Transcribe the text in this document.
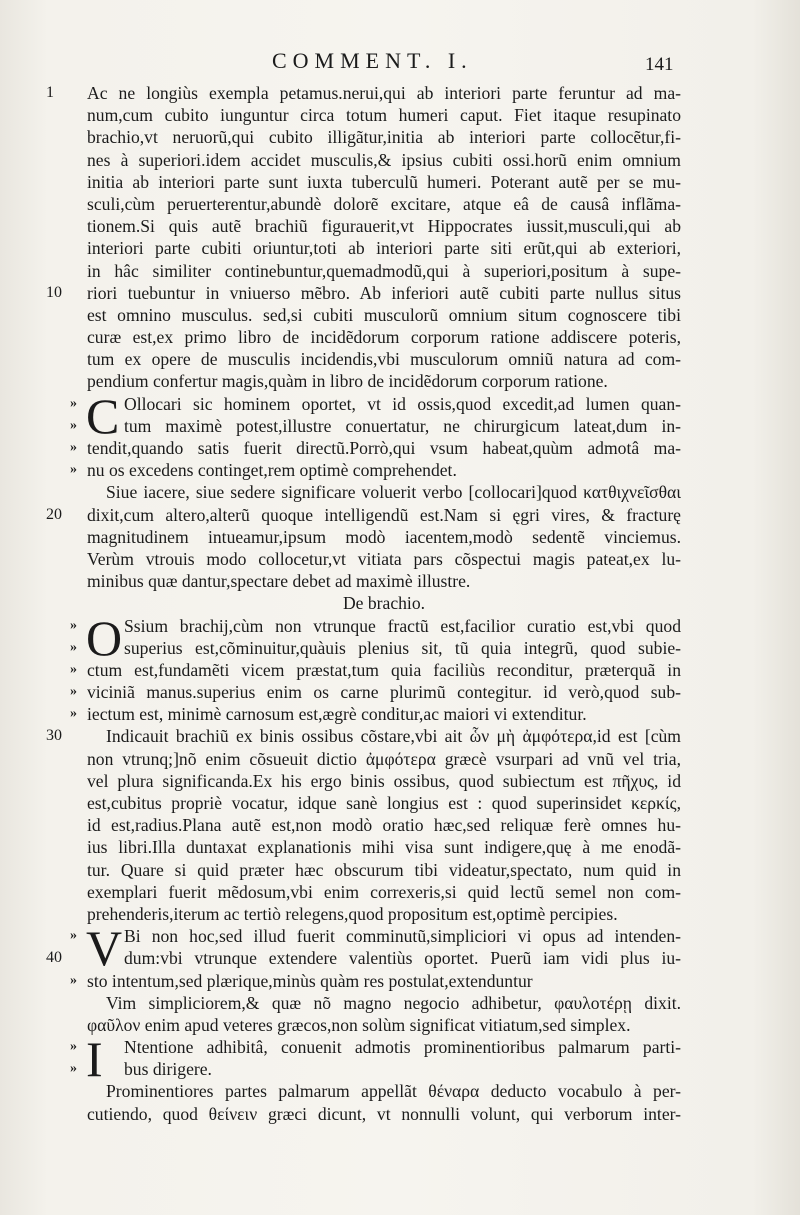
COMMENT. I.	141
1 Ac ne longiùs exempla petamus.nerui,qui ab interiori parte feruntur ad ma-
num,cum cubito iunguntur circa totum humeri caput. Fiet itaque resupinato
brachio,vt neruorũ,qui cubito illigãtur,initia ab interiori parte collocẽtur,fi-
nes à superiori.idem accidet musculis,& ipsius cubiti ossi.horũ enim omnium
initia ab interiori parte sunt iuxta tuberculũ humeri. Poterant autẽ per se mu-
sculi,cùm peruerterentur,abundè dolorẽ excitare, atque eâ de causâ inflãma-
tionem.Si quis autẽ brachiũ figurauerit,vt Hippocrates iussit,musculi,qui ab
interiori parte cubiti oriuntur,toti ab interiori parte siti erũt,qui ab exteriori,
in hâc similiter continebuntur,quemadmodũ,qui à superiori,positum à supe-
10 riori tuebuntur in vniuerso mẽbro. Ab inferiori autẽ cubiti parte nullus situs
est omnino musculus. sed,si cubiti musculorũ omnium situm cognoscere tibi
curæ est,ex primo libro de incidẽdorum corporum ratione addiscere poteris,
tum ex opere de musculis incidendis,vbi musculorum omniũ natura ad com-
pendium confertur magis,quàm in libro de incidẽdorum corporum ratione.
» C Ollocari sic hominem oportet, vt id ossis,quod excedit,ad lumen quan-
»	tum maximè potest,illustre conuertatur, ne chirurgicum lateat,dum in-
» tendit,quando satis fuerit directũ.Porrò,qui vsum habeat,quùm admotâ ma-
» nu os excedens continget,rem optimè comprehendet.
Siue iacere, siue sedere significare voluerit verbo [collocari]quod κατθιχνεῖσθαι
20 dixit,cum altero,alterũ quoque intelligendũ est.Nam si ęgri vires, & fracturę
magnitudinem intueamur,ipsum modò iacentem,modò sedentẽ vinciemus.
Verùm vtrouis modo collocetur,vt vitiata pars cõspectui magis pateat,ex lu-
minibus quæ dantur,spectare debet ad maximè illustre.
De brachio.
» O Ssium brachij,cùm non vtrunque fractũ est,facilior curatio est,vbi quod
»	superius est,cõminuitur,quàuis plenius sit, tũ quia integrũ, quod subie-
» ctum est,fundamẽti vicem præstat,tum quia faciliùs reconditur, præterquã in
» viciniã manus.superius enim os carne plurimũ contegitur. id verò,quod sub-
» iectum est, minimè carnosum est,ægrè conditur,ac maiori vi extenditur.
30	Indicauit brachiũ ex binis ossibus cõstare,vbi ait ὧν μὴ ἀμφότερα,id est [cùm
non vtrunq;]nõ enim cõsueuit dictio ἀμφότερα græcè vsurpari ad vnũ vel tria,
vel plura significanda.Ex his ergo binis ossibus, quod subiectum est πῆχυς, id
est,cubitus propriè vocatur, idque sanè longius est : quod superinsidet κερκίς,
id est,radius.Plana autẽ est,non modò oratio hæc,sed reliquæ ferè omnes hu-
ius libri.Illa duntaxat explanationis mihi visa sunt indigere,quę à me enodã-
tur. Quare si quid præter hæc obscurum tibi videatur,spectato, num quid in
exemplari fuerit mẽdosum,vbi enim correxeris,si quid lectũ semel non com-
prehenderis,iterum ac tertiò relegens,quod propositum est,optimè percipies.
» V Bi non hoc,sed illud fuerit comminutũ,simpliciori vi opus ad intenden-
40	dum:vbi vtrunque extendere valentiùs oportet. Puerũ iam vidi plus iu-
» sto intentum,sed plærique,minùs quàm res postulat,extenduntur
Vim simpliciorem,& quæ nõ magno negocio adhibetur, φαυλοτέρῃ dixit.
φαῦλον enim apud veteres græcos,non solùm significat vitiatum,sed simplex.
» I Ntentione adhibitâ, conuenit admotis prominentioribus palmarum parti-
»	bus dirigere.
Prominentiores partes palmarum appellãt θέναρα deducto vocabulo à per-
cutiendo, quod θείνειν græci dicunt, vt nonnulli volunt, qui verborum inter-
